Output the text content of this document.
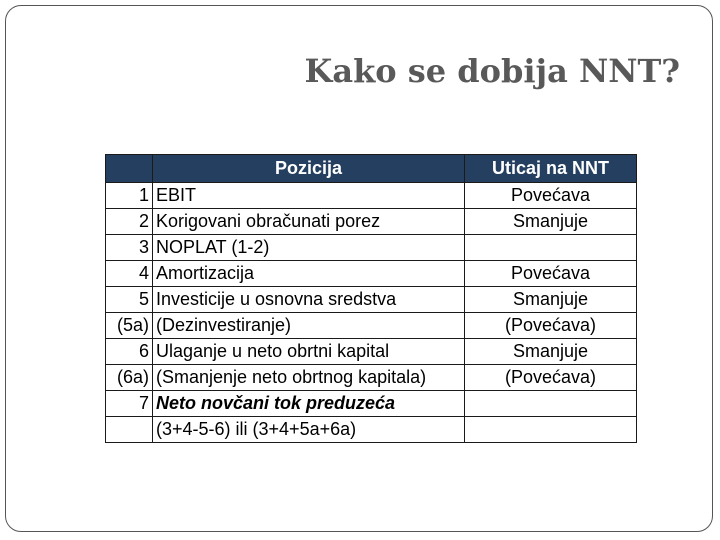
Kako se dobija NNT?
	Pozicija	Uticaj na NNT
1	EBIT	Povećava
2	Korigovani obračunati porez	Smanjuje
3	NOPLAT (1-2)	
4	Amortizacija	Povećava
5	Investicije u osnovna sredstva	Smanjuje
(5a)	(Dezinvestiranje)	(Povećava)
6	Ulaganje u neto obrtni kapital	Smanjuje
(6a)	(Smanjenje neto obrtnog kapitala)	(Povećava)
7	Neto novčani tok preduzeća	
	(3+4-5-6) ili (3+4+5a+6a)	
